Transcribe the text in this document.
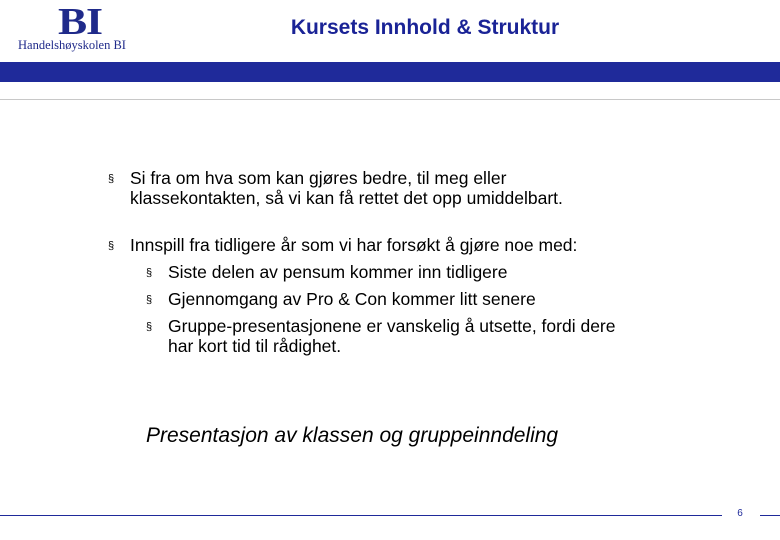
BI
Handelshøyskolen BI
Kursets Innhold & Struktur
§ Si fra om hva som kan gjøres bedre, til meg eller
klassekontakten, så vi kan få rettet det opp umiddelbart.
§ Innspill fra tidligere år som vi har forsøkt å gjøre noe med:
§ Siste delen av pensum kommer inn tidligere
§ Gjennomgang av Pro & Con kommer litt senere
§ Gruppe-presentasjonene er vanskelig å utsette, fordi dere
har kort tid til rådighet.
Presentasjon av klassen og gruppeinndeling
6
